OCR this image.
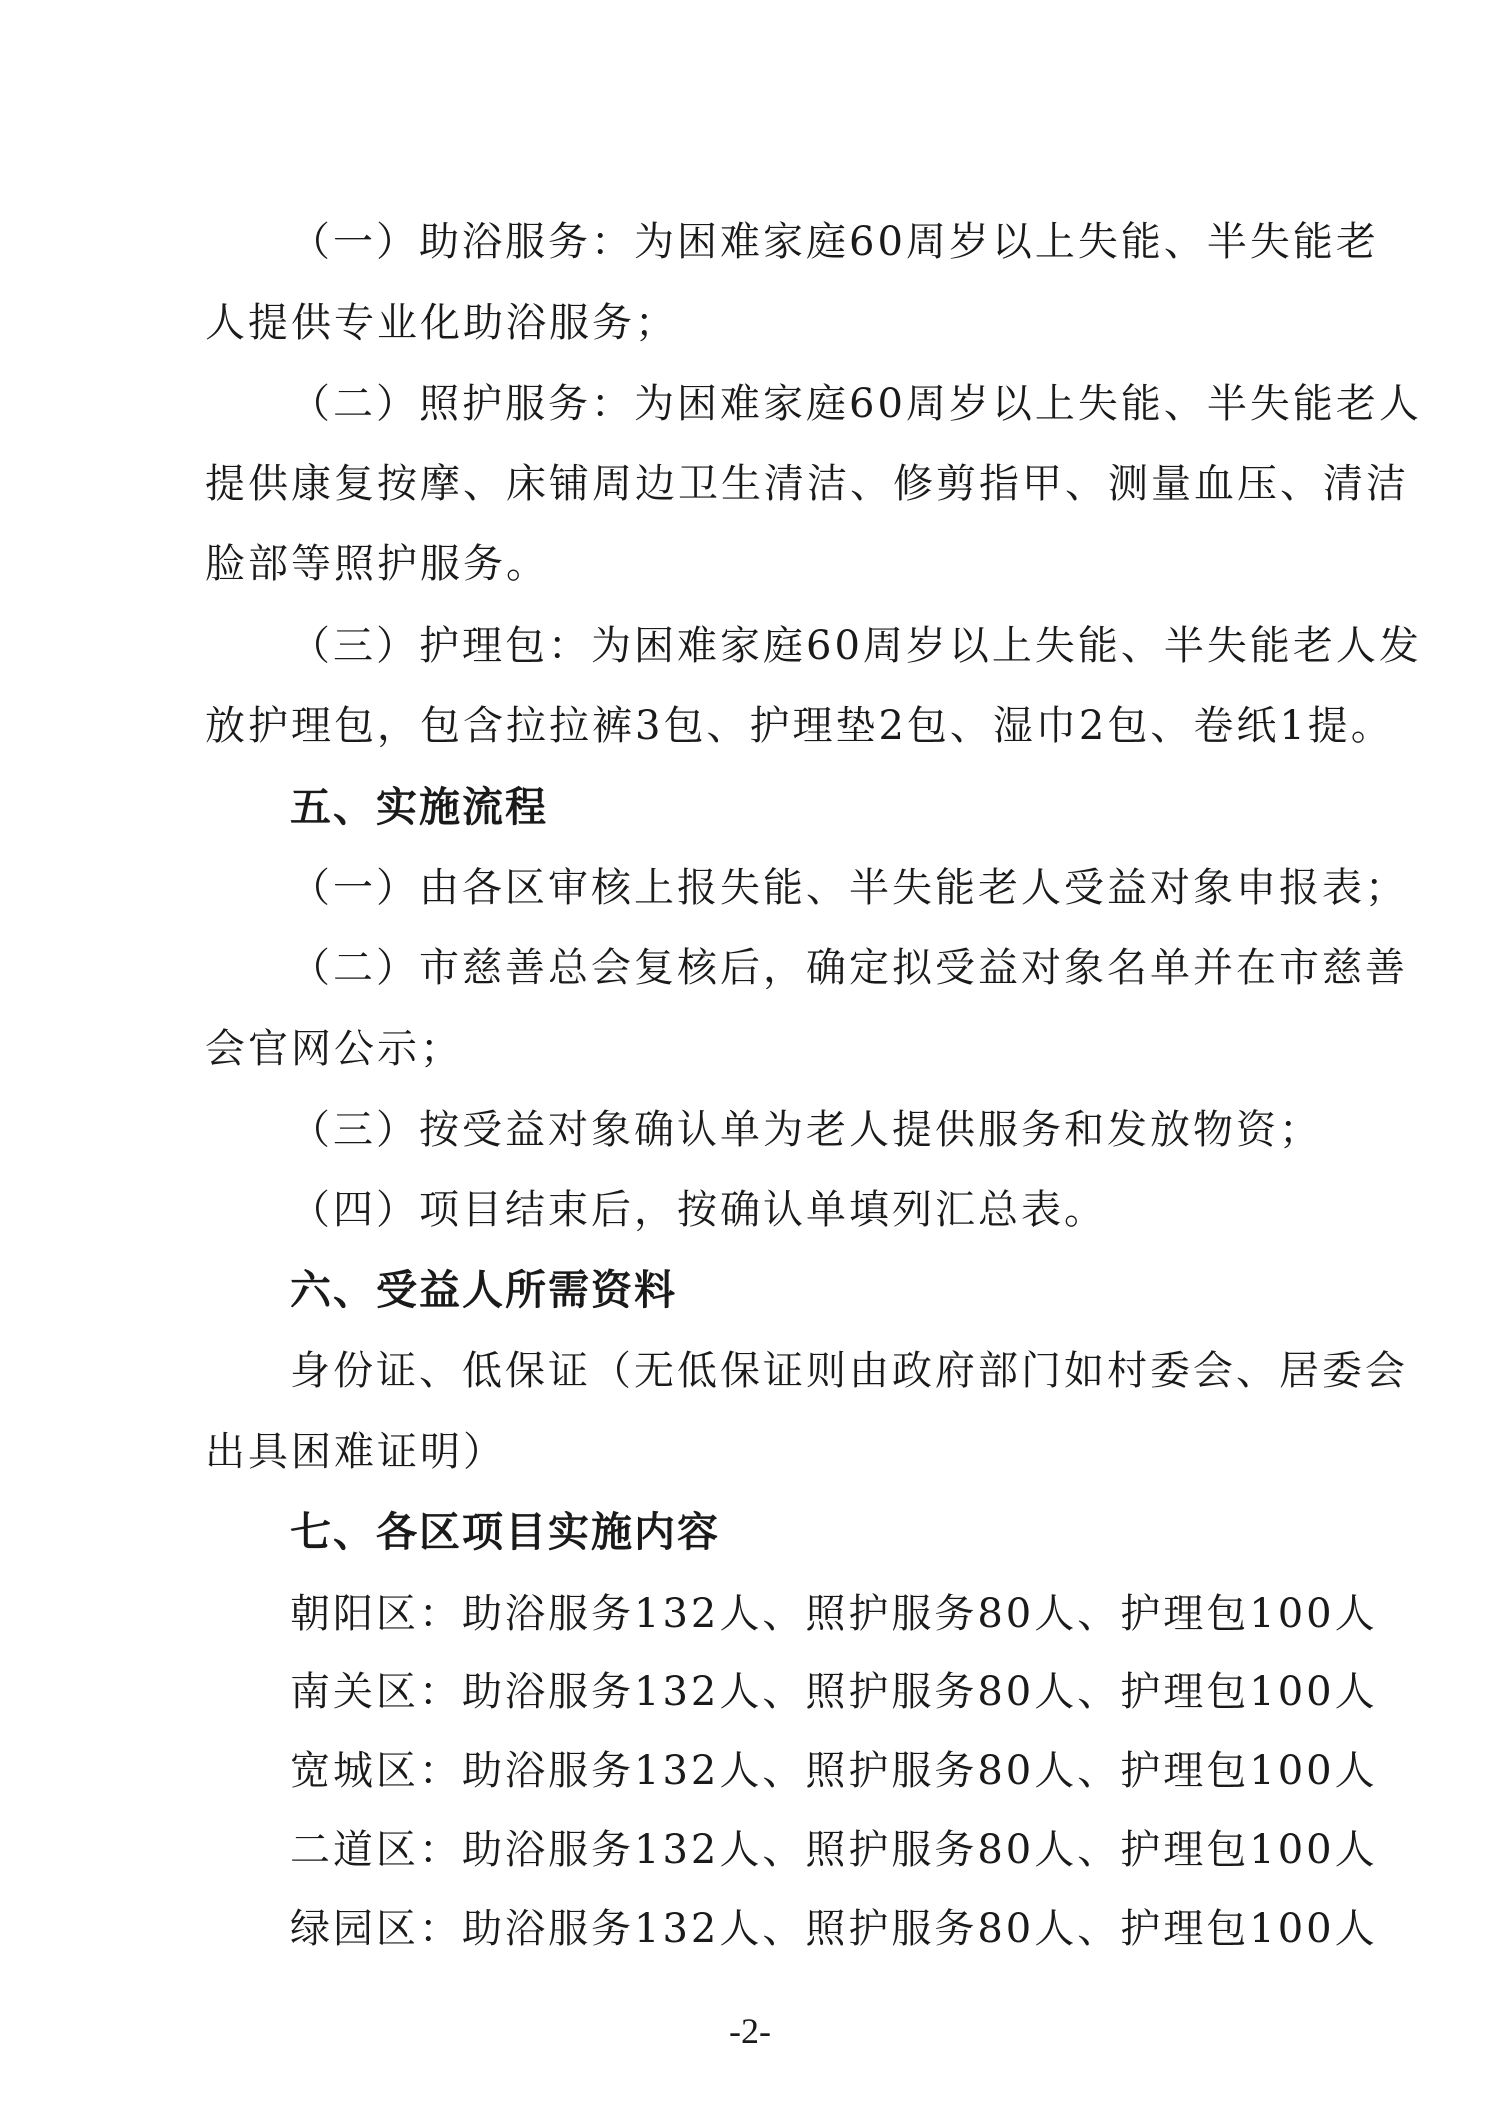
（一）助浴服务：为困难家庭60周岁以上失能、半失能老
人提供专业化助浴服务；
（二）照护服务：为困难家庭60周岁以上失能、半失能老人
提供康复按摩、床铺周边卫生清洁、修剪指甲、测量血压、清洁
脸部等照护服务。
（三）护理包：为困难家庭60周岁以上失能、半失能老人发
放护理包，包含拉拉裤3包、护理垫2包、湿巾2包、卷纸1提。
五、实施流程
（一）由各区审核上报失能、半失能老人受益对象申报表；
（二）市慈善总会复核后，确定拟受益对象名单并在市慈善
会官网公示；
（三）按受益对象确认单为老人提供服务和发放物资；
（四）项目结束后，按确认单填列汇总表。
六、受益人所需资料
身份证、低保证（无低保证则由政府部门如村委会、居委会
出具困难证明）
七、各区项目实施内容
朝阳区：助浴服务132人、照护服务80人、护理包100人
南关区：助浴服务132人、照护服务80人、护理包100人
宽城区：助浴服务132人、照护服务80人、护理包100人
二道区：助浴服务132人、照护服务80人、护理包100人
绿园区：助浴服务132人、照护服务80人、护理包100人
-2-
